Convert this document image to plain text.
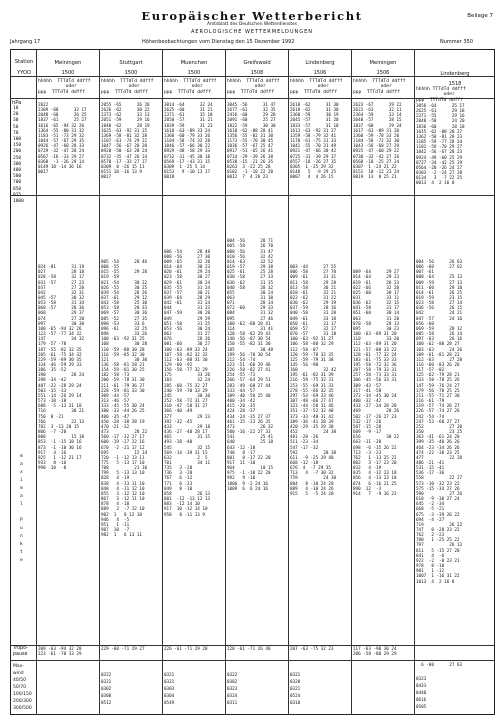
Europäischer Wetterbericht
Amtsblatt des Deutschen Wetterdienstes
AEROLOGISCHE WETTERMELDUNGEN
Beilage 7
Jahrgang 17	Höhenbeobachtungen vom Dienstag den 15 Dezember 1992	Nummer 350
Station
YYOO
hPa
10
20
30
50
70
100
150
200
250
300
400
500
700
850
925
1000
m
a
x
i
m
a
l

P
u
n
k
t
e
Tropo-
pause
Max-
wind
40/50
50/70
100/150
200/300
300/500
Meiningen
1500
hhhhh  TTTdTd ddfff
oder
ppp  TTTdTd ddfff
2822
2389 -60      32 17
2048 -60      26 25
1837 -61      25 27
1616 -65 -94 32 26
1364 -55 -80 31 32
1183 -51 -73 29 32
1044 -57 -67 29 35
0926 -47 -60 28 33
0729 -32 -47 28 24
0567 -16 -33 29 27
0368  -1 -26 29 14
0149 10 -14 36 16
0017

024 -81      31 19
027          28 18
028 -58      32 17
031 -57      27 23
037          27 28
042          32 31
045 -57      30 32
053 -58      31 34
060 -57      28 36
068          29 37
074          27 20
097          30 30
100 -65 -94 32 26
123 -57 -77 34 32
147          34 32
179 -57 -78
187 -55 -82 32 35
205 -61 -75 34 32
229 -59 -89 30 35
334 -46 -59 29 33
386 -35 -52
390          28 24
398 -34 -42
407 -22 -28 29 24
503 -15 -33
551 -14 -26 29 14
573 -10 -18
688  -5 -13 31 18
716          30 21
750  0 -21
766          22 13
782  3 -13 20 15
806  -7 -20
808          15 18
853  -1 -15 18 16
873  -1 -10 30 16
917   4 -16
925   1 -12 21 17
933   8 -16
990  10  -8
209 -63 -94 32 28
223 -61 -70 33 29
Stuttgart
1500
hhhhh  TTTdTd ddfff
oder
ppp  TTTdTd ddfff
2055 -65      26 28
2626 -62      30 22
2373 -62      33 13
2051 -59      29 16
1840 -62      28 19
1625 -63 -92 31 25
1369 -58 -81 32 28
1187 -61 -74 29 22
1047 -56 -67 28 20
0928 -50 -63 28 24
0732 -35 -47 26 24
0570 -17 -32 27 17
0309  0 -26 15 11
0151 10 -16 13 9
0017

005 -54      28 46
008 -55
015 -55      29 28
019 -59
021 -54      30 22
026 -55      30 25
039 -54      28 26
037 -61      29 12
043 -58      25 30
053 -58      28 33
069 -57      30 36
085 -52      27 35
090 -53      33 6
096 -61      32 25
098          33 26
100 -63 -92 31 25
108          30 28
110 -59 -88 30 28
116 -59 -85 32 30
121          30 30
136 -58 -81 28 21
154 -59 -81 30 25
182 -58 -73
200 -59 -78 31 30
211 -61 -79 36 27
228 -59 -81 33 30
309 -44 -57
313 -46 -57
333 -45 -55 30 24
388 -33 -44 26 25
400 -35 -47
450 -28 -38 28 19
470 -21 -32
473          28 22
560 -17 -32 27 17
600 -19 -27 22 16
670  -2 -21 17 12
695          15 14
720  -1 -12 13 11
775   5 -13 17 10
788          21 10
799   5 -13 13 10
828   4 -19
838   4 -13 11 10
848   4 -11 12 10
855   3 -12 12 10
867   3 -12 11 10
878   4 -10
889   2  -7 12 10
902  1   8 12 10
946   4  -5
951   1 -11
987  10  -7
982  1   6 13 11
229 -60 -71 29 27
0322
0321
0302
0300
0512
Muenchen
1500
hhhhh  TTTdTd ddfff
oder
ppp  TTTdTd ddfff
3014 -64      32 24
2625 -60      31 21
2371 -61      35 18
2050 -57      31 21
1839 -59      31 23
1618 -63 -89 33 24
1360 -60 -79 33 26
1184 -58 -74 32 28
1046 -57 -66 30 22
0929 -48 -58 29 33
0732 -31 -45 30 18
0569 -17 -43 31 15
0309  1 -25 5 14
0153   9 -10 13 17
0018

006 -54      28 48
008 -56      27 30
009 -65      32 20
014 -64      30 23
020 -61      29 24
023 -58      30 27
029 -61      30 24
035 -55      31 24
037 -57      30 21
039 -64      28 29
042 -61      31 24
044          31 23
047 -59      30 28
049          29 29
051 -58      31 25
053 -56      30 24
062          31 27
076          28 26
081 -60      30 27
100 -63 -89 33 24
107 -58 -82 32 32
112 -63 -88 31 30
129 -60 -92
156 -58 -77 32 29
175          33 26
183          32 24
205 -60 -75 32 27
240 -59 -70 33 29
245          30 30
252 -58 -72 31 27
310 -47 -58 31 27
366 -40 -49
377          29 23
392 -32 -45
433          29 18
436 -27 -40 28 17
465          31 15
493 -18 -40
545          32 15
569 -14 -39 31 15
632          2  5
701          34 11
735   3 -28
736   3 -28
767   6 -12
771   6 -23
849   8 -10
858          26 13
881  -12 -13 12 13
883  -12 14 10
917  10 -12 14 10
958   8 -11 13 9
226 -61 -71 29 28
0321
0321
0303
0304
0549
Greifswald
1508
hhhhh  TTTdTd ddfff
oder
ppp  TTTdTd ddfff
3045 -56      31 47
2677 -61      32 35
2416 -60      29 28
2091 -60      25 27
1822 -59      30 30
1610 -62 -88 28 41
1356 -55 -82 31 30
1173 -55 -70 30 45
1036 -57 -67 25 47
0917 -51 -65 26 41
0714 -29 -39 26 38
0538 -15 -21 26 35
0263  3 -22 25 28
0102  -1 -10 22 20
0012  7  4 26 23

004 -56      28 71
005 -58      26 70
008 -56      31 47
010 -56      32 42
014 -63      32 52
019 -57      29 38
025 -61      25 28
030 -58      27 33
036 -62      31 35
040 -58      28 32
055          30 24
063          31 30
071          28 34
072 -60      29 33
084          31 32
095          27 46
100 -62 -88 28 41
114          31 41
120 -58 -82 29 43
140 -56 -87 30 54
150 -55 -82 31 30
185          30 48
199 -56 -70 30 54
212 -54 -74
223 -51 -60 29 46
226 -58 -82 27 41
254 -55 -73
266 -57 -64 29 51
283 -49 -68 27 44
333 -44 -57
389 -40 -50 25 40
400 -34 -42
415 -20 -35
424 -28 -37
434 -24 -35 27 37
461 -15 -23 26 35
473          26 32
500 -16 -22 27 33
541          25 41
640          25 18
643 -12 -18
748   8 -17
801   8 -17 22 20
917  11 -10
964          10 15
975  -1 -10 22 20
992   9 -10
1006  9 -2 24 16
1009  6  6 24 16
220 -61 -71 26 48
0322
0302
0323
0324
0311
Lindenberg
1506
hhhhh  TTTdTd ddfff
oder
ppp  TTTdTd ddfff
2618 -62      31 30
2619 -62      31 30
2360 -59      30 19
2045 -57      31 20
1833 -57      31 18
1613 -63 -92 31 27
1359 -58 -79 32 41
1178 -61 -75 31 33
1041 -55 -70 31 49
0921 -47 -66 30 42
0725 -31 -39 29 37
0557 -18 -26 27 35
0305  1 -25 29 32
0148   5  -9 29 25
0007   4  4 26 15

003 -44      27 55
006 -58      27 70
009 -61      31 31
011 -58      29 28
013 -58      30 21
018 -61      32 21
022 -62      31 22
030 -62      29 19
037 -59      28 16
040 -58      31 20
049 -61      33 18
050 -61      31 17
058 -57      32 17
070 -57      31 18
100 -63 -92 31 27
106 -58 -88 32 29
112 -58 -87
120 -59 -78 32 35
125 -59 -79 31 38
145 -56 -90
160          32 42
195 -61 -82 31 39
216 -59 -75 32 31
253 -55 -69 31 33
278 -55 -66 32 35
297 -54 -69 33 46
307 -48 -66 27 47
323 -44 -58 31 46
351 -37 -52 32 48
373 -33 -48 31 42
389 -36 -41 28 39
420 -29 -35 29 38
452          24 38
481 -20 -26
511 -23 -34
547 -17 -32
592          28 38
611  -9 -25 29 40
668 -12 -18
676  4  -7 29 35
713   4  -7 30 32
759          24 30
884   8 -10 24 28
889   4 -10 24 26
915   5  -5 24 20
207 -63 -75 32 23
0321
0320
0321
0524
0310
Meiningen
1506
hhhhh  TTTdTd ddfff
oder
ppp  TTTdTd ddfff
2623 -67      29 22
2622 -63      32 11
2364 -59      33 14
2048 -57      28 15
1837 -60      29 24
1617 -63 -89 31 20
1360 -59 -78 33 20
1184 -58 -72 32 30
1043 -56 -68 27 29
0925 -47 -60 29 22
0730 -32 -42 27 26
0568 -18 -25 27 24
0307  1 -24 21 22
0151  10 -12 23 24
0019  13  0 25 21

009 -64      29 27
014 -64      29 23
019 -61      28 23
022 -66      32 20
025 -60      30 17
031          33 11
036 -62      32 15
041 -58      31 17
051 -60      30 14
063          31 20
070 -58      28 13
095          30 23
100 -63 -89 31 20
110          33 20
112 -63 -89 31 20
121 -57 -80 33 22
128 -61 -77 32 24
183 -61 -75 33 33
195 -58 -72 32 36
207 -58 -79 33 31
257 -58 -73 33 31
306 -45 -56 33 31
309 -43 -57
317 -41 -58
372 -34 -45 30 24
400 -32 -42
433 -27 -34 28 28
469          28 26
502 -17 -26 27 23
532 -17 -26
567 -15 -28
609  -9 -17
656          30 22
663 -11 -28
698  -6 -15 26 22
713  -3 -23
762   1 -13 25 22
802   3 -17 23 20
832   4 -19
835   4 -12 23 18
856   4 -13 23 18
874   6 -16 21 25
890  12  -3
914   7  -9 16 23
117 -63 -90 30 24
206 -58 -80 29 29
Lindenberg
1518
hhhhh TTTdTd ddfff
oder
ppp  TTTdTd ddfff
3056 -64      25 17
2625 -61      29 18
2371 -55      29 16
2048 -58      24 20
1836 -60      28 18
1615 -62 -88 28 27
1362 -58 -81 28 23
1185 -59 -77 28 24
1181 -59 -70 29 27
1042 -56 -67 28 23
0924 -49 -60 25 29
0727 -34 -42 25 29
0564 -20 -26 24 27
0303  -2 -24 27 28
0134   3  -7 22 25
0013  4  2 16 8

004 -56      26 63
006 -60      27 62
007 -61
008 -64      25 13
009 -59      27 13
011 -60      29 18
014 -61      26 25
019 -59      23 15
023 -58      27 14
036 -56      26 15
042          24 21
047 -57      24 16
056 -60
069 -59      28 12
085 -58      26 14
097 -63      26 16
100 -62 -88 28 27
103 -63      24 26
109 -61 -81 28 23
112 -63      27 28
116 -60 -83 26 26
117 -57 -82
125 -62 -79 28 21
133 -58 -78 25 26
147 -59 -76 24 27
179 -56 -78 25 25
211 -55 -71 27 30
216 -61 -79
219 -57 -74 26 27
226 -57 -74 27 26
242 -54 -74
247 -53 -60 27 27
252          27 20
350          23 25
363 -41 -61 24 28
399 -35 -40 26 26
464 -23 -34 26 26
474 -22 -38 23 25
477          22 28
486 -21 -41
531 -15 -41
536 -17 -36
558          22 27
573 -10 -32 23 22
575 -15 -34 27 26
590          27 26
618  -9 -30 27 24
645  -2 -34
668  -5 -21
675  -3 -39 26 22
694  -4 -27
719          26 22
747   0 -28 23 22
762   2 -23
780   1 -25 25 22
797          26 13
811   5 -15 27 28
841   4  -6
922  -2  -8 23 21
978   8 -10
981   1 -12
1007  1 -16 31 22
1013  4  2 16 8
6 -60      27 63

0323
0433
0440
0616
0505
